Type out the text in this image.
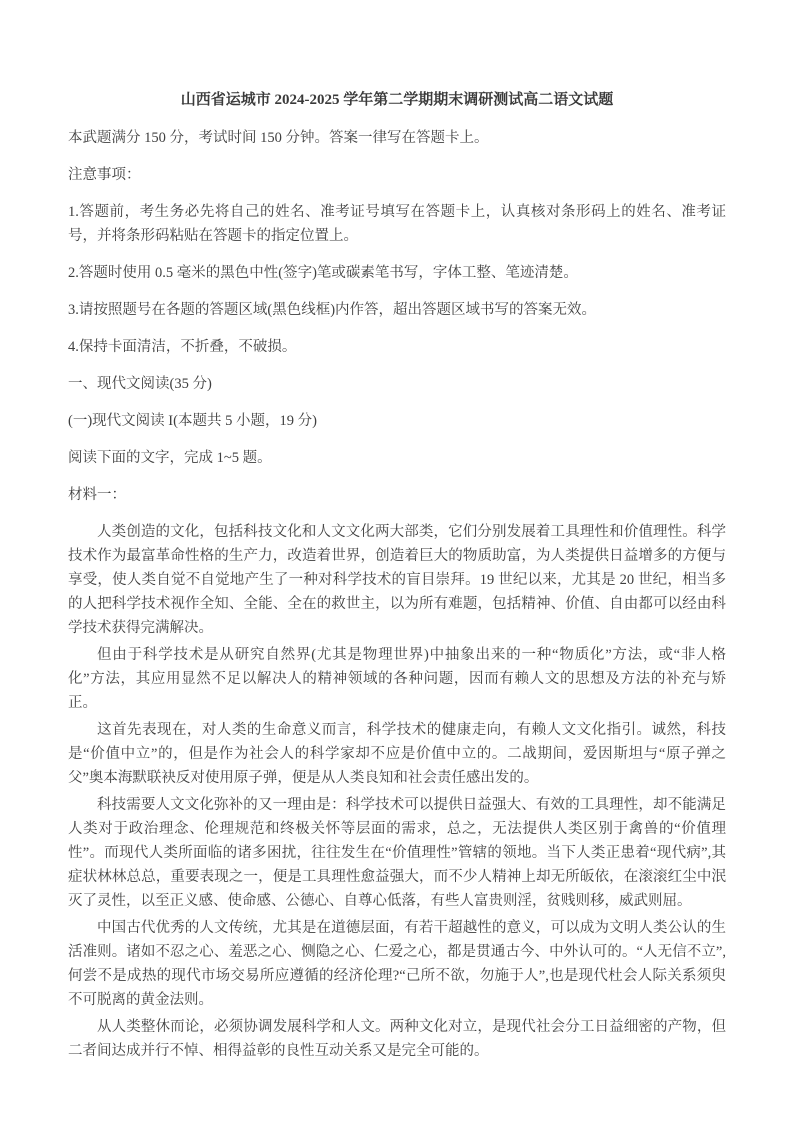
山西省运城市 2024-2025 学年第二学期期末调研测试高二语文试题

本武题满分 150 分，考试时间 150 分钟。答案一律写在答题卡上。

注意事项：

1.答题前，考生务必先将自己的姓名、准考证号填写在答题卡上，认真核对条形码上的姓名、准考证号，并将条形码粘贴在答题卡的指定位置上。

2.答题时使用 0.5 毫米的黑色中性(签字)笔或碳素笔书写，字体工整、笔迹清楚。

3.请按照题号在各题的答题区域(黑色线框)内作答，超出答题区域书写的答案无效。

4.保持卡面清洁，不折叠，不破损。

一、现代文阅读(35 分)

(一)现代文阅读 I(本题共 5 小题，19 分)

阅读下面的文字，完成 1~5 题。

材料一：

人类创造的文化，包括科技文化和人文文化两大部类，它们分别发展着工具理性和价值理性。科学技术作为最富革命性格的生产力，改造着世界，创造着巨大的物质助富，为人类提供日益增多的方便与享受，使人类自觉不自觉地产生了一种对科学技术的盲目崇拜。19 世纪以来，尤其是 20 世纪，相当多的人把科学技术视作全知、全能、全在的救世主，以为所有难题，包括精神、价值、自由都可以经由科学技术获得完满解决。

但由于科学技术是从研究自然界(尤其是物理世界)中抽象出来的一种“物质化”方法，或“非人格化”方法，其应用显然不足以解决人的精神领域的各种问题，因而有赖人文的思想及方法的补充与矫正。

这首先表现在，对人类的生命意义而言，科学技术的健康走向，有赖人文文化指引。诚然，科技是“价值中立”的，但是作为社会人的科学家却不应是价值中立的。二战期间，爱因斯坦与“原子弹之父”奥本海默联袂反对使用原子弹，便是从人类良知和社会责任感出发的。

科技需要人文文化弥补的又一理由是：科学技术可以提供日益强大、有效的工具理性，却不能满足人类对于政治理念、伦理规范和终极关怀等层面的需求，总之，无法提供人类区别于禽兽的“价值理性”。而现代人类所面临的诸多困扰，往往发生在“价值理性”管辖的领地。当下人类正患着“现代病”,其症状林林总总，重要表现之一，便是工具理性愈益强大，而不少人精神上却无所皈依，在滚滚红尘中泯灭了灵性，以至正义感、使命感、公德心、自尊心低落，有些人富贵则淫，贫贱则移，威武则屈。

中国古代优秀的人文传统，尤其是在道德层面，有若干超越性的意义，可以成为文明人类公认的生活准则。诸如不忍之心、羞恶之心、恻隐之心、仁爱之心，都是贯通古今、中外认可的。“人无信不立”,何尝不是成热的现代市场交易所应遵循的经济伦理?“己所不欲，勿施于人”,也是现代杜会人际关系须臾不可脱离的黄金法则。

从人类整休而论，必须协调发展科学和人文。两种文化对立，是现代社会分工日益细密的产物，但二者间达成并行不悼、相得益彰的良性互动关系又是完全可能的。
